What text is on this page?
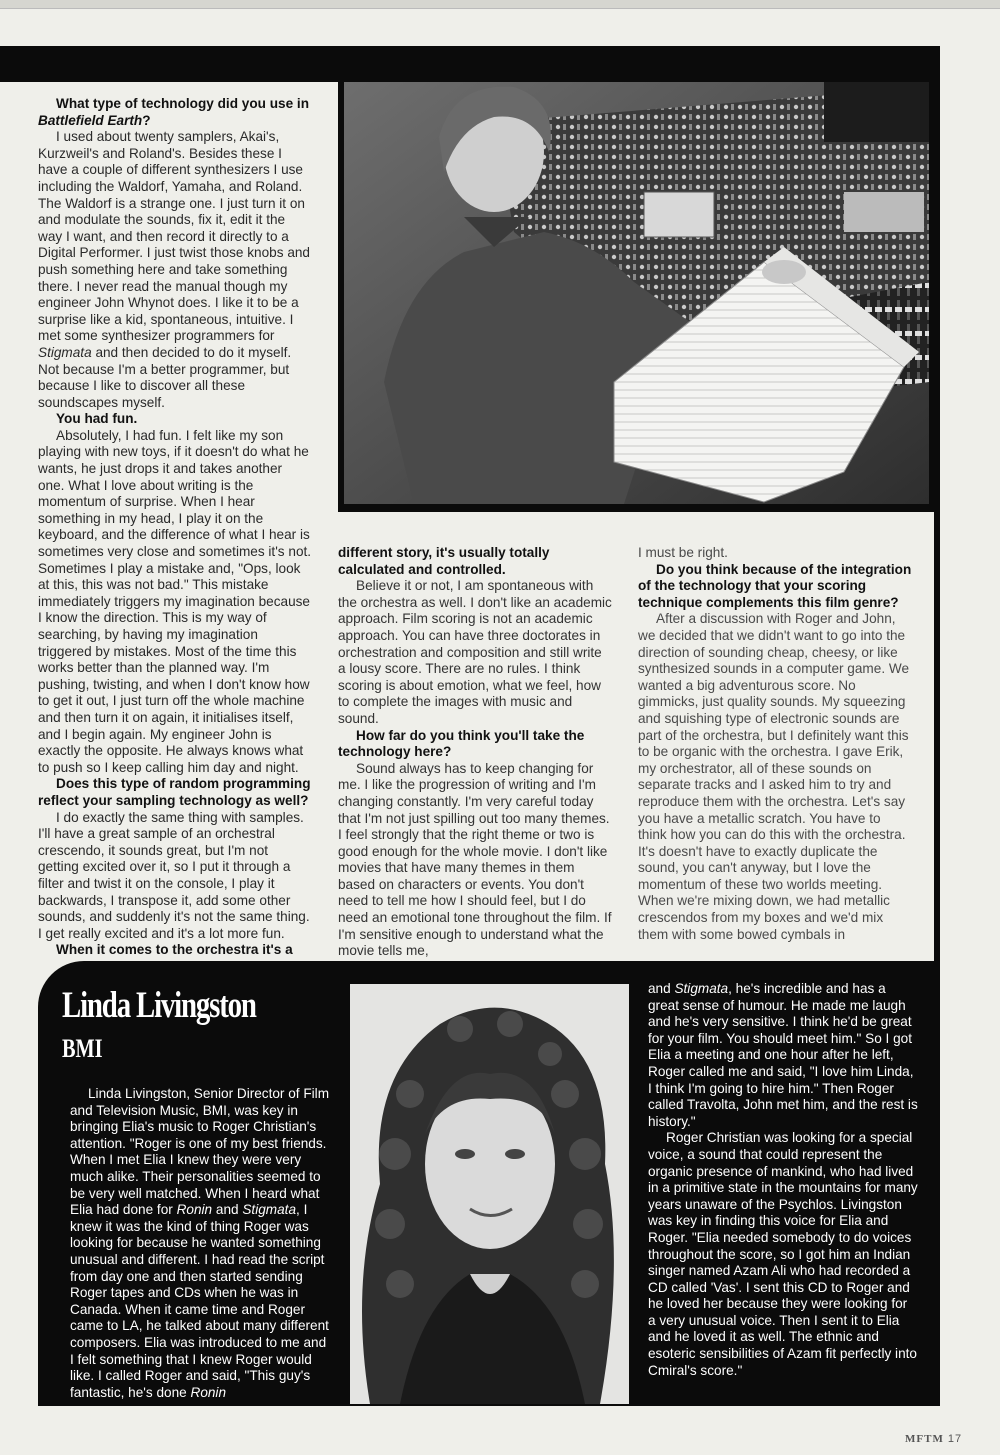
What type of technology did you use in Battlefield Earth?

I used about twenty samplers, Akai's, Kurzweil's and Roland's. Besides these I have a couple of different synthesizers I use including the Waldorf, Yamaha, and Roland. The Waldorf is a strange one. I just turn it on and modulate the sounds, fix it, edit it the way I want, and then record it directly to a Digital Performer. I just twist those knobs and push something here and take something there. I never read the manual though my engineer John Whynot does. I like it to be a surprise like a kid, spontaneous, intuitive. I met some synthesizer programmers for Stigmata and then decided to do it myself. Not because I'm a better programmer, but because I like to discover all these soundscapes myself.

You had fun.

Absolutely, I had fun. I felt like my son playing with new toys, if it doesn't do what he wants, he just drops it and takes another one. What I love about writing is the momentum of surprise. When I hear something in my head, I play it on the keyboard, and the difference of what I hear is sometimes very close and sometimes it's not. Sometimes I play a mistake and, "Ops, look at this, this was not bad." This mistake immediately triggers my imagination because I know the direction. This is my way of searching, by having my imagination triggered by mistakes. Most of the time this works better than the planned way. I'm pushing, twisting, and when I don't know how to get it out, I just turn off the whole machine and then turn it on again, it initialises itself, and I begin again. My engineer John is exactly the opposite. He always knows what to push so I keep calling him day and night.

Does this type of random programming reflect your sampling technology as well?

I do exactly the same thing with samples. I'll have a great sample of an orchestral crescendo, it sounds great, but I'm not getting excited over it, so I put it through a filter and twist it on the console, I play it backwards, I transpose it, add some other sounds, and suddenly it's not the same thing. I get really excited and it's a lot more fun.

When it comes to the orchestra it's a

different story, it's usually totally calculated and controlled.

Believe it or not, I am spontaneous with the orchestra as well. I don't like an academic approach. Film scoring is not an academic approach. You can have three doctorates in orchestration and composition and still write a lousy score. There are no rules. I think scoring is about emotion, what we feel, how to complete the images with music and sound.

How far do you think you'll take the technology here?

Sound always has to keep changing for me. I like the progression of writing and I'm changing constantly. I'm very careful today that I'm not just spilling out too many themes. I feel strongly that the right theme or two is good enough for the whole movie. I don't like movies that have many themes in them based on characters or events. You don't need to tell me how I should feel, but I do need an emotional tone throughout the film. If I'm sensitive enough to understand what the movie tells me,

I must be right.

Do you think because of the integration of the technology that your scoring technique complements this film genre?

After a discussion with Roger and John, we decided that we didn't want to go into the direction of sounding cheap, cheesy, or like synthesized sounds in a computer game. We wanted a big adventurous score. No gimmicks, just quality sounds. My squeezing and squishing type of electronic sounds are part of the orchestra, but I definitely want this to be organic with the orchestra. I gave Erik, my orchestrator, all of these sounds on separate tracks and I asked him to try and reproduce them with the orchestra. Let's say you have a metallic scratch. You have to think how you can do this with the orchestra. It's doesn't have to exactly duplicate the sound, you can't anyway, but I love the momentum of these two worlds meeting. When we're mixing down, we had metallic crescendos from my boxes and we'd mix them with some bowed cymbals in

Linda Livingston
BMI

Linda Livingston, Senior Director of Film and Television Music, BMI, was key in bringing Elia's music to Roger Christian's attention. "Roger is one of my best friends. When I met Elia I knew they were very much alike. Their personalities seemed to be very well matched. When I heard what Elia had done for Ronin and Stigmata, I knew it was the kind of thing Roger was looking for because he wanted something unusual and different. I had read the script from day one and then started sending Roger tapes and CDs when he was in Canada. When it came time and Roger came to LA, he talked about many different composers. Elia was introduced to me and I felt something that I knew Roger would like. I called Roger and said, "This guy's fantastic, he's done Ronin

and Stigmata, he's incredible and has a great sense of humour. He made me laugh and he's very sensitive. I think he'd be great for your film. You should meet him." So I got Elia a meeting and one hour after he left, Roger called me and said, "I love him Linda, I think I'm going to hire him." Then Roger called Travolta, John met him, and the rest is history."

Roger Christian was looking for a special voice, a sound that could represent the organic presence of mankind, who had lived in a primitive state in the mountains for many years unaware of the Psychlos. Livingston was key in finding this voice for Elia and Roger. "Elia needed somebody to do voices throughout the score, so I got him an Indian singer named Azam Ali who had recorded a CD called 'Vas'. I sent this CD to Roger and he loved her because they were looking for a very unusual voice. Then I sent it to Elia and he loved it as well. The ethnic and esoteric sensibilities of Azam fit perfectly into Cmiral's score."

MFTM 17
